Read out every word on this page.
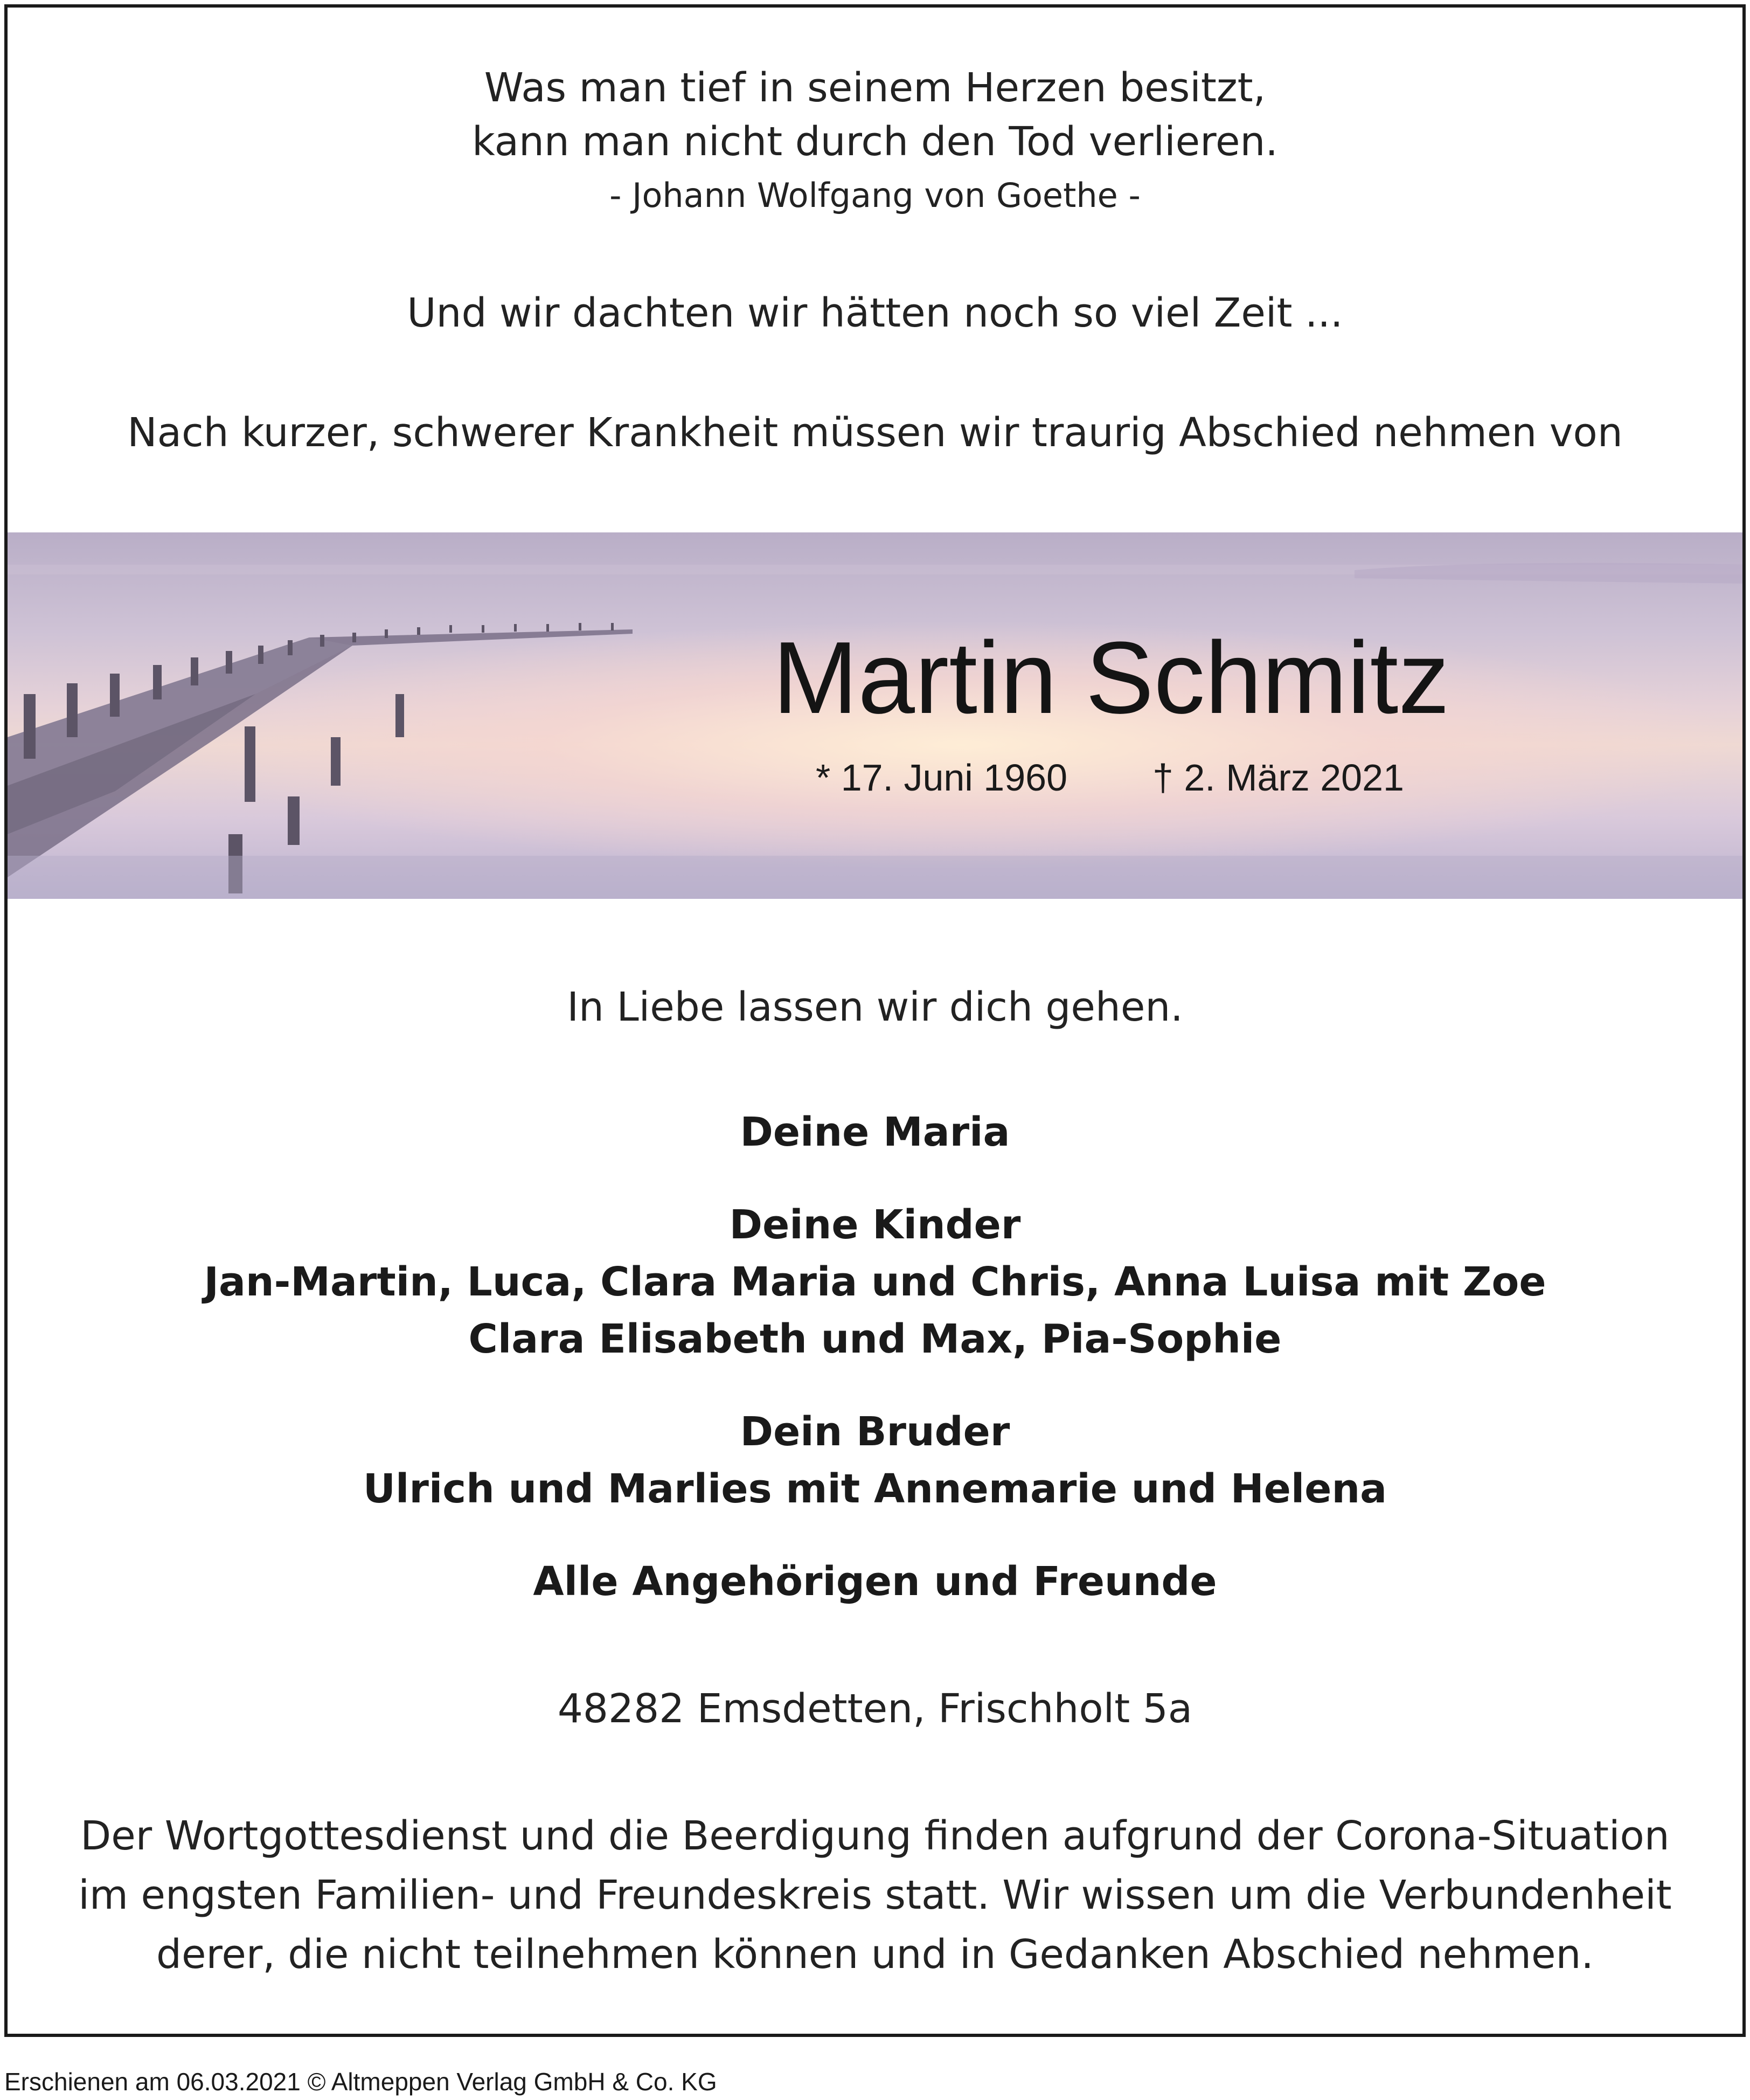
Was man tief in seinem Herzen besitzt,
kann man nicht durch den Tod verlieren.
- Johann Wolfgang von Goethe -
Und wir dachten wir hätten noch so viel Zeit ...
Nach kurzer, schwerer Krankheit müssen wir traurig Abschied nehmen von
Martin Schmitz
* 17. Juni 1960 † 2. März 2021
In Liebe lassen wir dich gehen.
Deine Maria
Deine Kinder
Jan-Martin, Luca, Clara Maria und Chris, Anna Luisa mit Zoe
Clara Elisabeth und Max, Pia-Sophie
Dein Bruder
Ulrich und Marlies mit Annemarie und Helena
Alle Angehörigen und Freunde
48282 Emsdetten, Frischholt 5a
Der Wortgottesdienst und die Beerdigung finden aufgrund der Corona-Situation
im engsten Familien- und Freundeskreis statt. Wir wissen um die Verbundenheit
derer, die nicht teilnehmen können und in Gedanken Abschied nehmen.
Erschienen am 06.03.2021 © Altmeppen Verlag GmbH & Co. KG
